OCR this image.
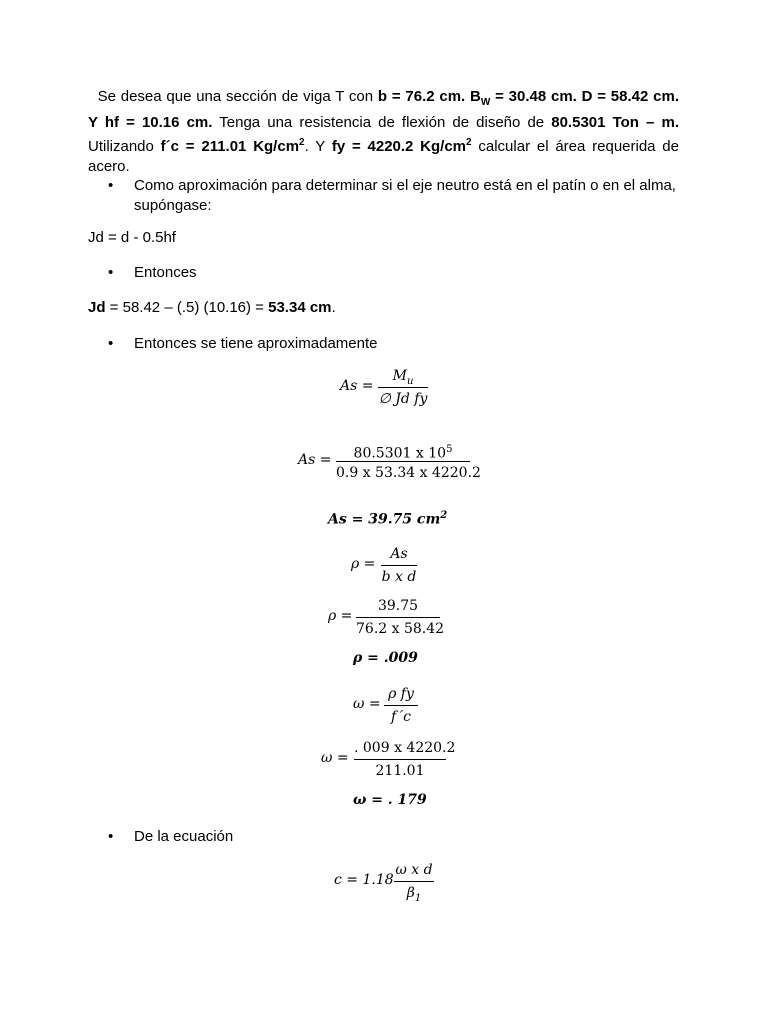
Se desea que una sección de viga T con b = 76.2 cm. $B_W = 30.48$ cm. D = 58.42 cm. Y hf = 10.16 cm. Tenga una resistencia de flexión de diseño de 80.5301 Ton – m. Utilizando f´c = 211.01 $Kg/cm^2$. Y fy = 4220.2 $Kg/cm^2$ calcular el área requerida de acero.
• Como aproximación para determinar si el eje neutro está en el patín o en el alma, supóngase:
Jd = d - 0.5hf
• Entonces
Jd = 58.42 – (.5) (10.16) = 53.34 cm.
• Entonces se tiene aproximadamente
As =
$M_u$
∅ Jd fy
As =	80.5301 x $10^5$
0.9 x 53.34 x 4220.2
As = 39.75 $cm^2$
ρ =
As
b x d
ρ =
39.75
76.2 x 58.42
ρ = .009
ω =
ρ fy
f´c
ω =
. 009 x 4220.2
211.01
ω = . 179
• De la ecuación
c = 1.18
ω x d
$\beta_1$
